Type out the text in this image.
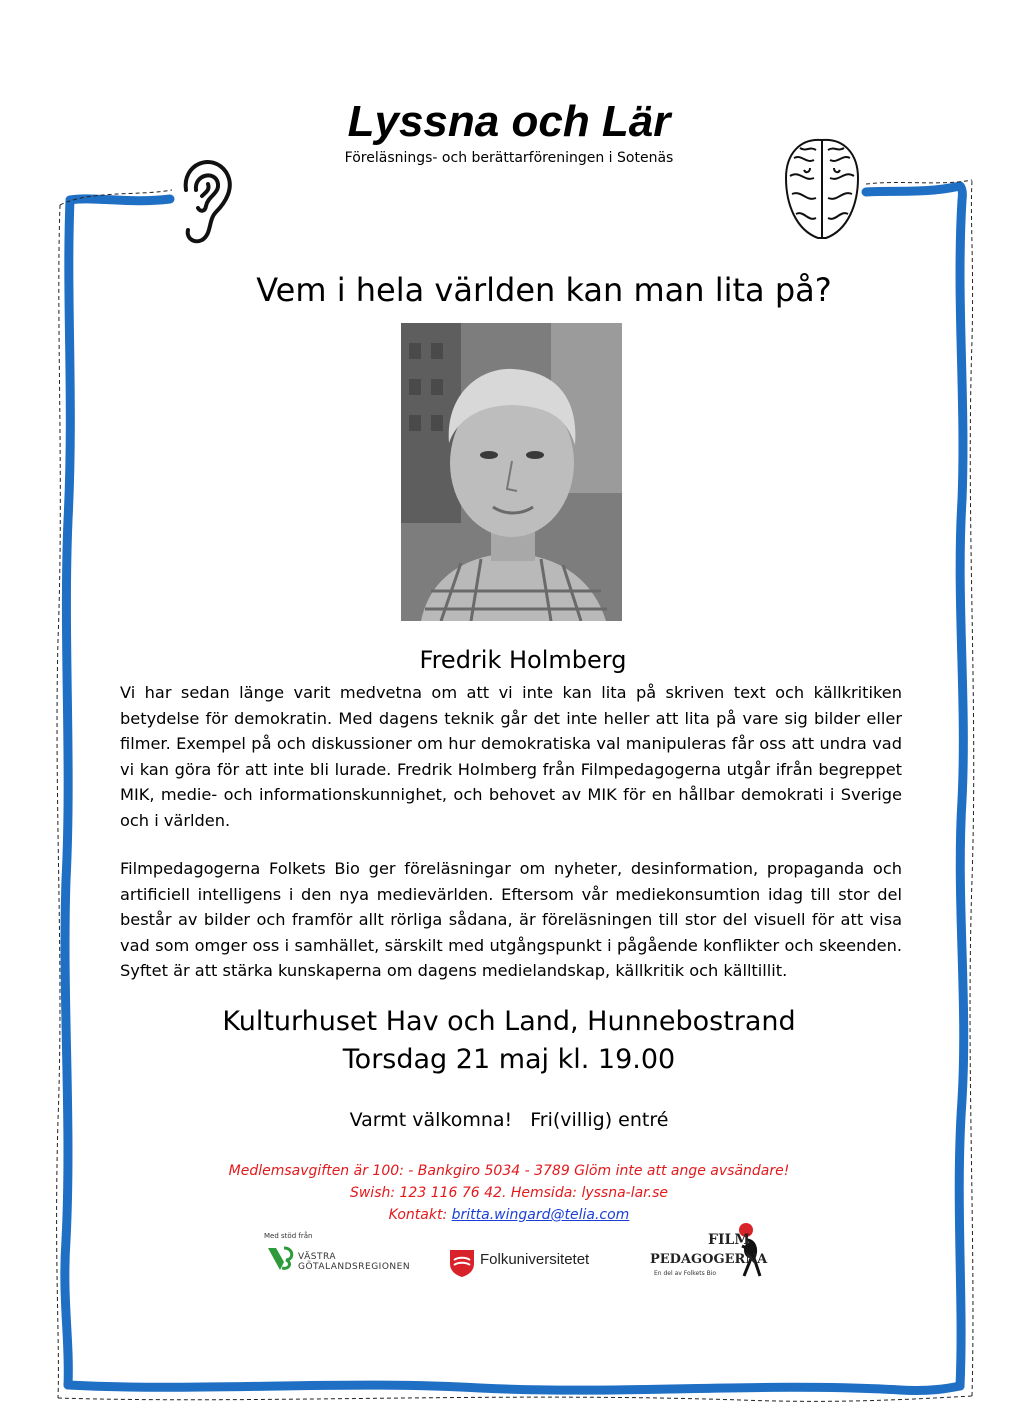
Lyssna och Lär
Föreläsnings- och berättarföreningen i Sotenäs
Vem i hela världen kan man lita på?
Fredrik Holmberg

Vi har sedan länge varit medvetna om att vi inte kan lita på skriven text och källkritiken betydelse för demokratin. Med dagens teknik går det inte heller att lita på vare sig bilder eller filmer. Exempel på och diskussioner om hur demokratiska val manipuleras får oss att undra vad vi kan göra för att inte bli lurade. Fredrik Holmberg från Filmpedagogerna utgår ifrån begreppet MIK, medie- och informationskunnighet, och behovet av MIK för en hållbar demokrati i Sverige och i världen.

Filmpedagogerna Folkets Bio ger föreläsningar om nyheter, desinformation, propaganda och artificiell intelligens i den nya medievärlden. Eftersom vår mediekonsumtion idag till stor del består av bilder och framför allt rörliga sådana, är föreläsningen till stor del visuell för att visa vad som omger oss i samhället, särskilt med utgångspunkt i pågående konflikter och skeenden. Syftet är att stärka kunskaperna om dagens medielandskap, källkritik och källtillit.

Kulturhuset Hav och Land, Hunnebostrand
Torsdag 21 maj kl. 19.00
Varmt välkomna! Fri(villig) entré
Medlemsavgiften är 100: - Bankgiro 5034 - 3789 Glöm inte att ange avsändare!
Swish: 123 116 76 42. Hemsida: lyssna-lar.se
Kontakt: britta.wingard@telia.com
Med stöd från
VÄSTRA
GÖTALANDSREGIONEN	Folkuniversitetet
FILM
PEDAGOGERNA
En del av Folkets Bio
